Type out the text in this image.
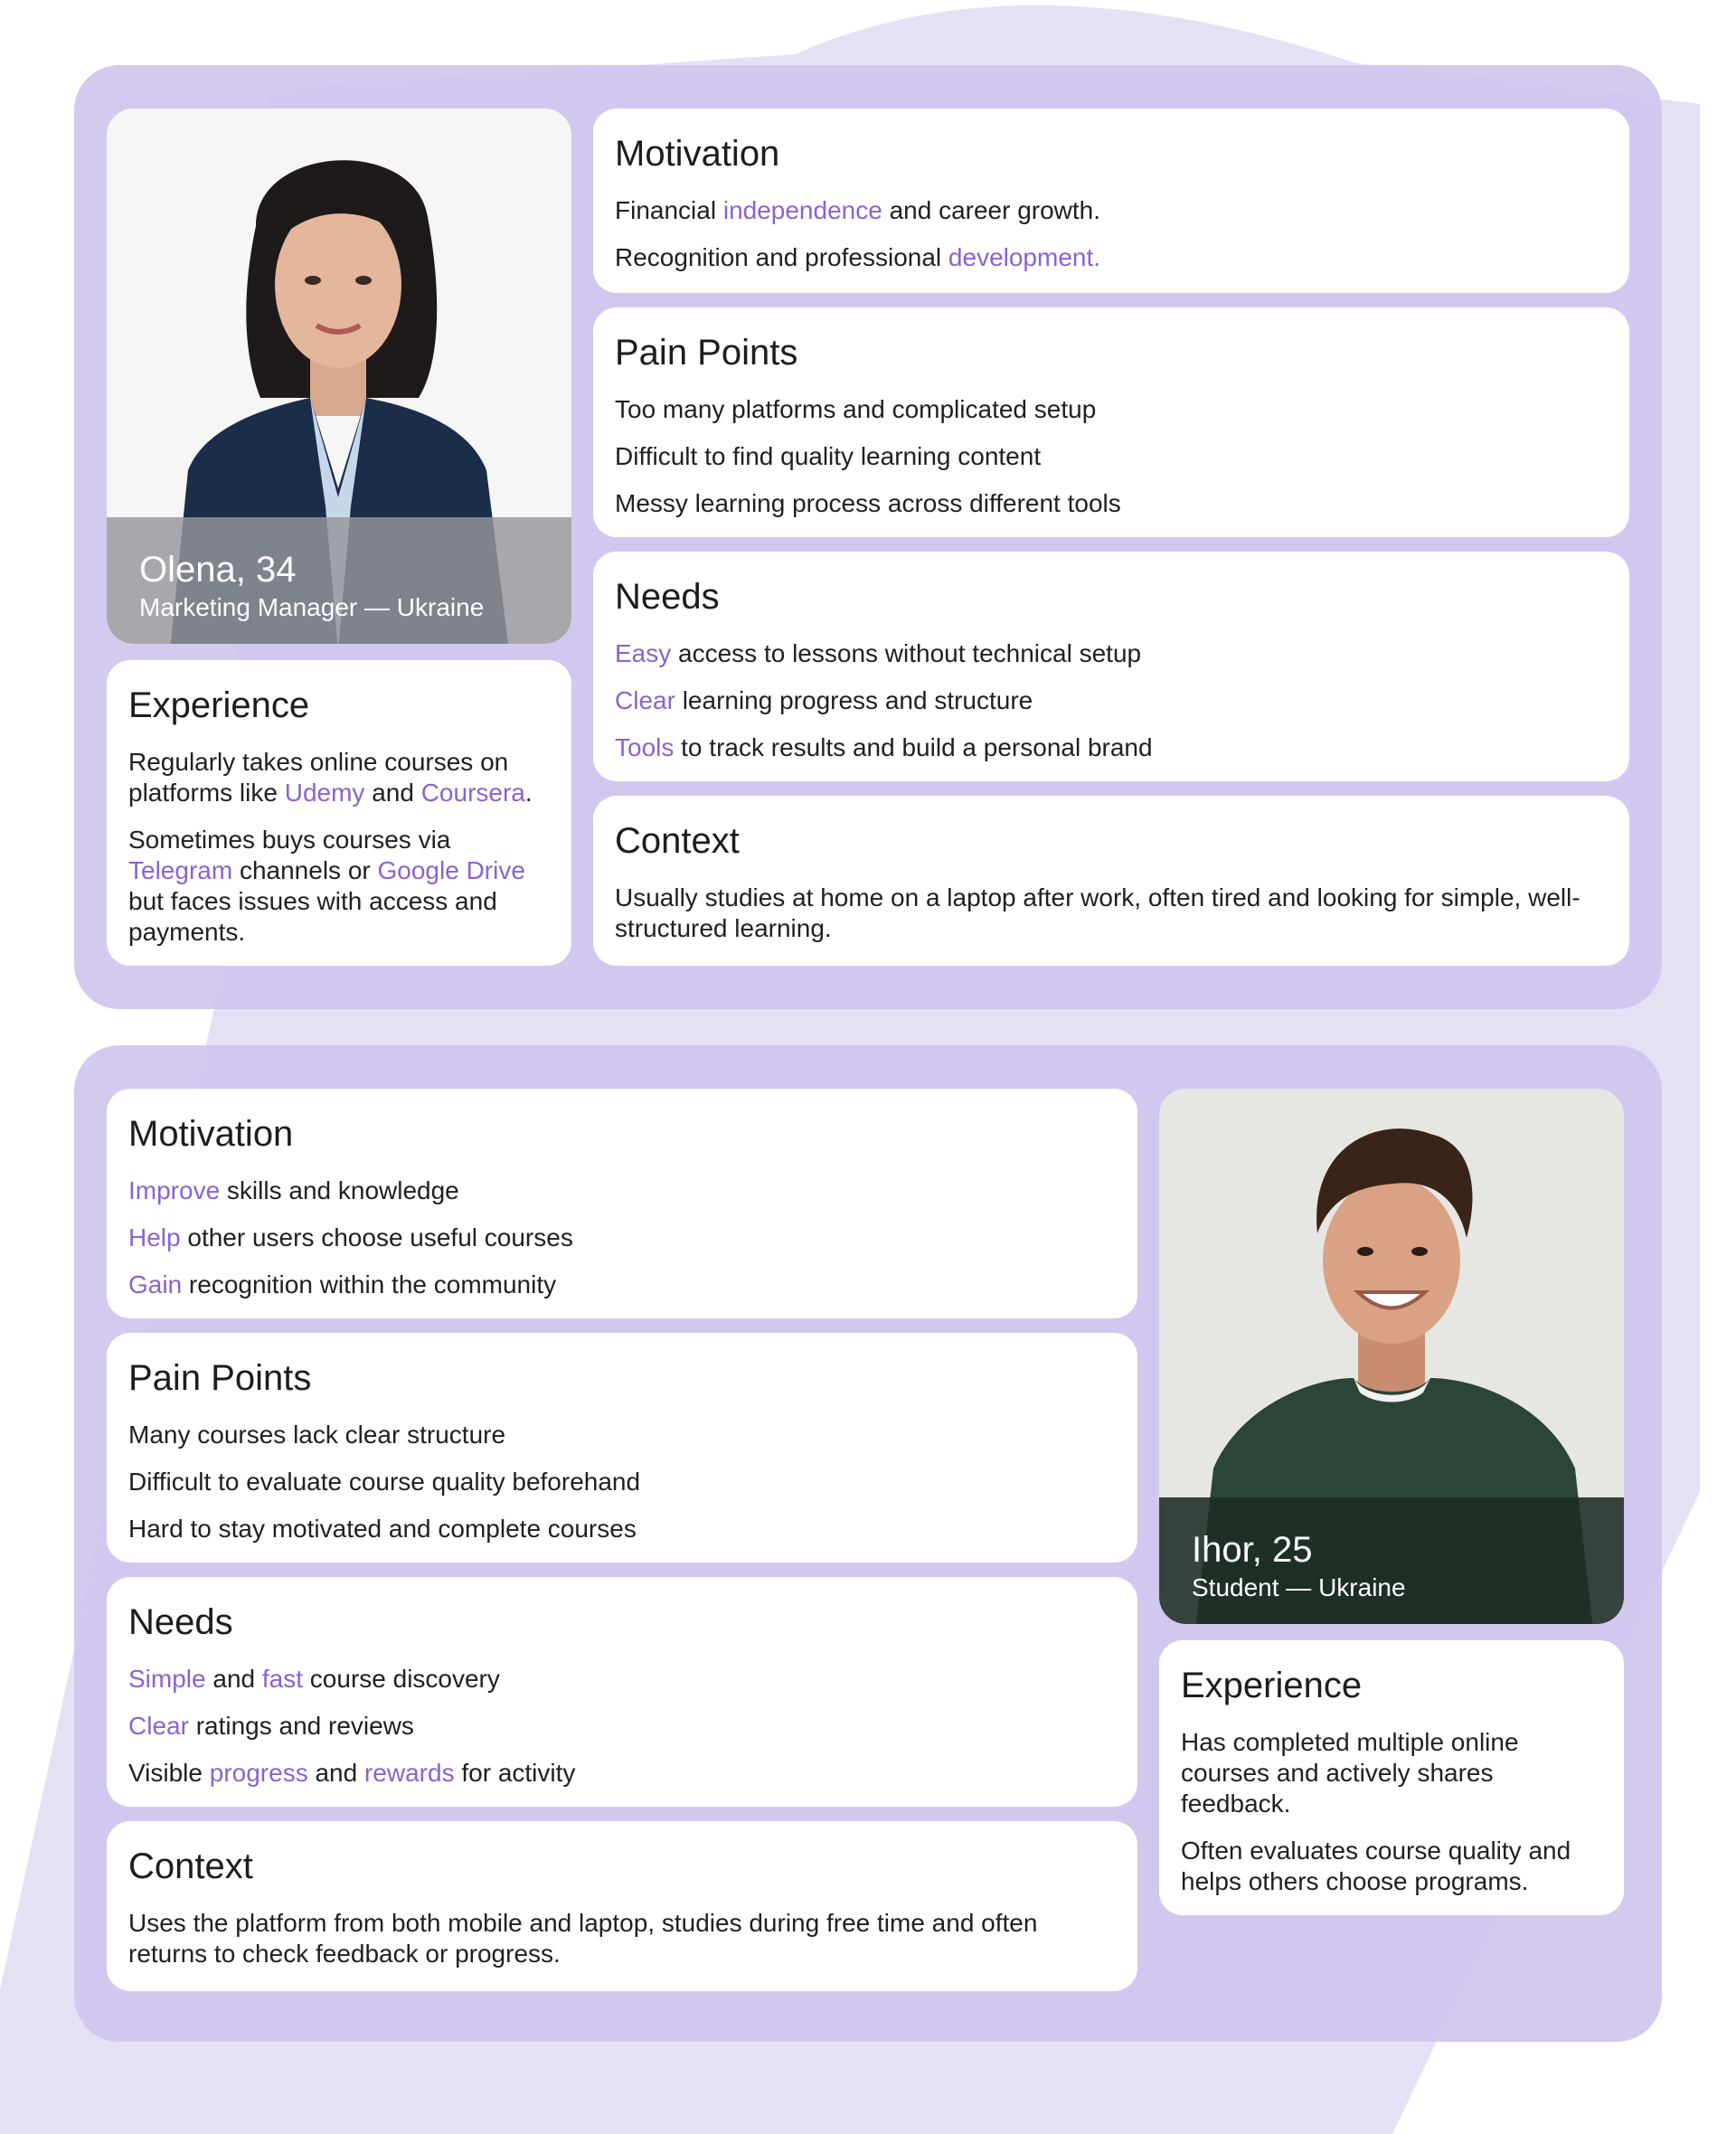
Olena, 34
Marketing Manager — Ukraine
Experience

Regularly takes online courses on platforms like Udemy and Coursera.

Sometimes buys courses via Telegram channels or Google Drive but faces issues with access and payments.

Motivation

Financial independence and career growth.

Recognition and professional development.

Pain Points

Too many platforms and complicated setup

Difficult to find quality learning content

Messy learning process across different tools

Needs

Easy access to lessons without technical setup

Clear learning progress and structure

Tools to track results and build a personal brand

Context

Usually studies at home on a laptop after work, often tired and looking for simple, well-structured learning.

Motivation

Improve skills and knowledge

Help other users choose useful courses

Gain recognition within the community

Pain Points

Many courses lack clear structure

Difficult to evaluate course quality beforehand

Hard to stay motivated and complete courses

Needs

Simple and fast course discovery

Clear ratings and reviews

Visible progress and rewards for activity

Context

Uses the platform from both mobile and laptop, studies during free time and often returns to check feedback or progress.

Ihor, 25
Student — Ukraine
Experience

Has completed multiple online courses and actively shares feedback.

Often evaluates course quality and helps others choose programs.
